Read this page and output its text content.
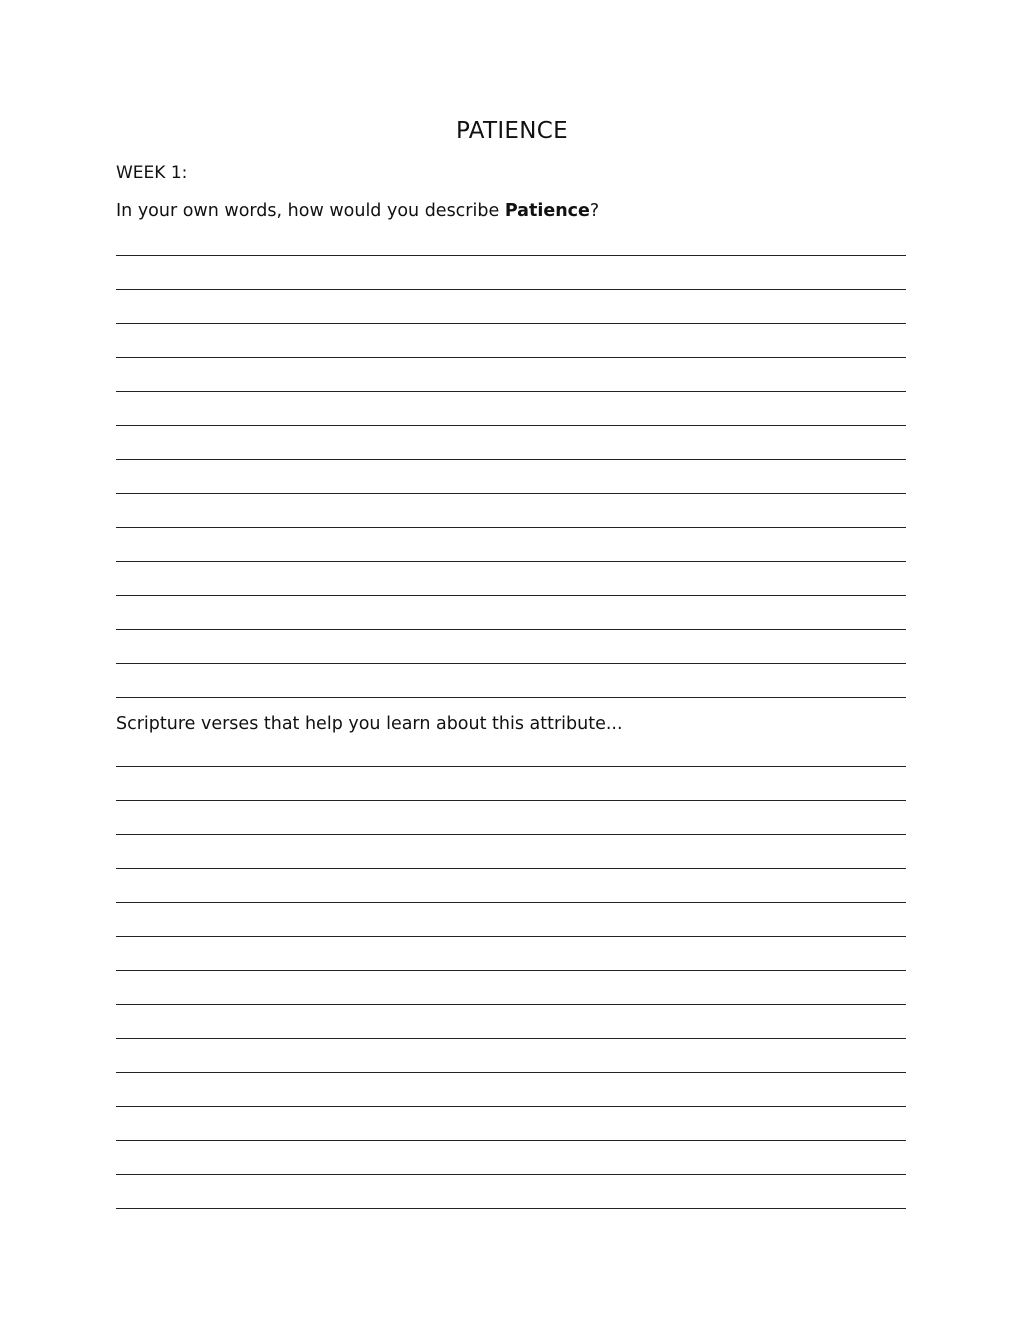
PATIENCE

WEEK 1:

In your own words, how would you describe Patience?

Scripture verses that help you learn about this attribute...
